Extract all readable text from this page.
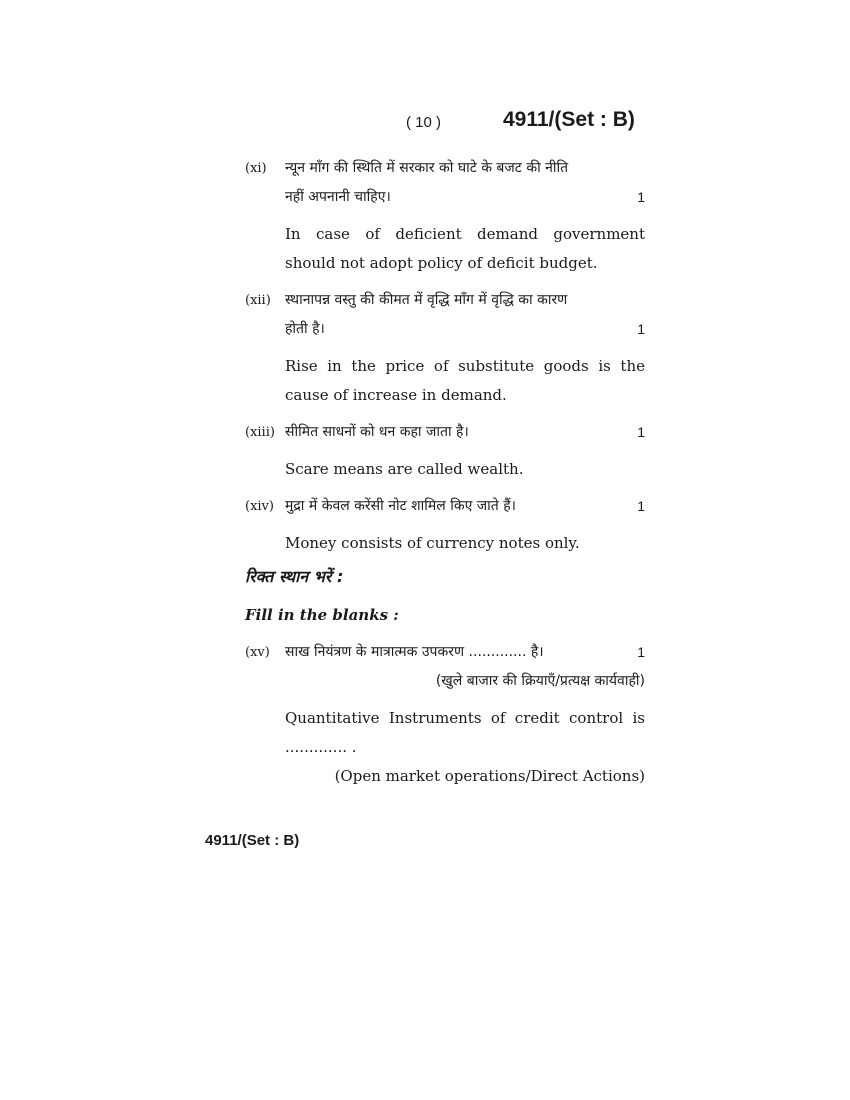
( 10 )	4911/(Set : B)
(xi)	न्यून माँग की स्थिति में सरकार को घाटे के बजट की नीति
नहीं अपनानी चाहिए।	1
In case of deficient demand government should not adopt policy of deficit budget.
(xii)	स्थानापन्न वस्तु की कीमत में वृद्धि माँग में वृद्धि का कारण
होती है।	1
Rise in the price of substitute goods is the cause of increase in demand.
(xiii) सीमित साधनों को धन कहा जाता है।	1
Scare means are called wealth.
(xiv) मुद्रा में केवल करेंसी नोट शामिल किए जाते हैं।	1
Money consists of currency notes only.
रिक्त स्थान भरें :
Fill in the blanks :
(xv)	साख नियंत्रण के मात्रात्मक उपकरण ............. है।	1
(खुले बाजार की क्रियाएँ/प्रत्यक्ष कार्यवाही)
Quantitative Instruments of credit control is ............. .
(Open market operations/Direct Actions)
4911/(Set : B)
